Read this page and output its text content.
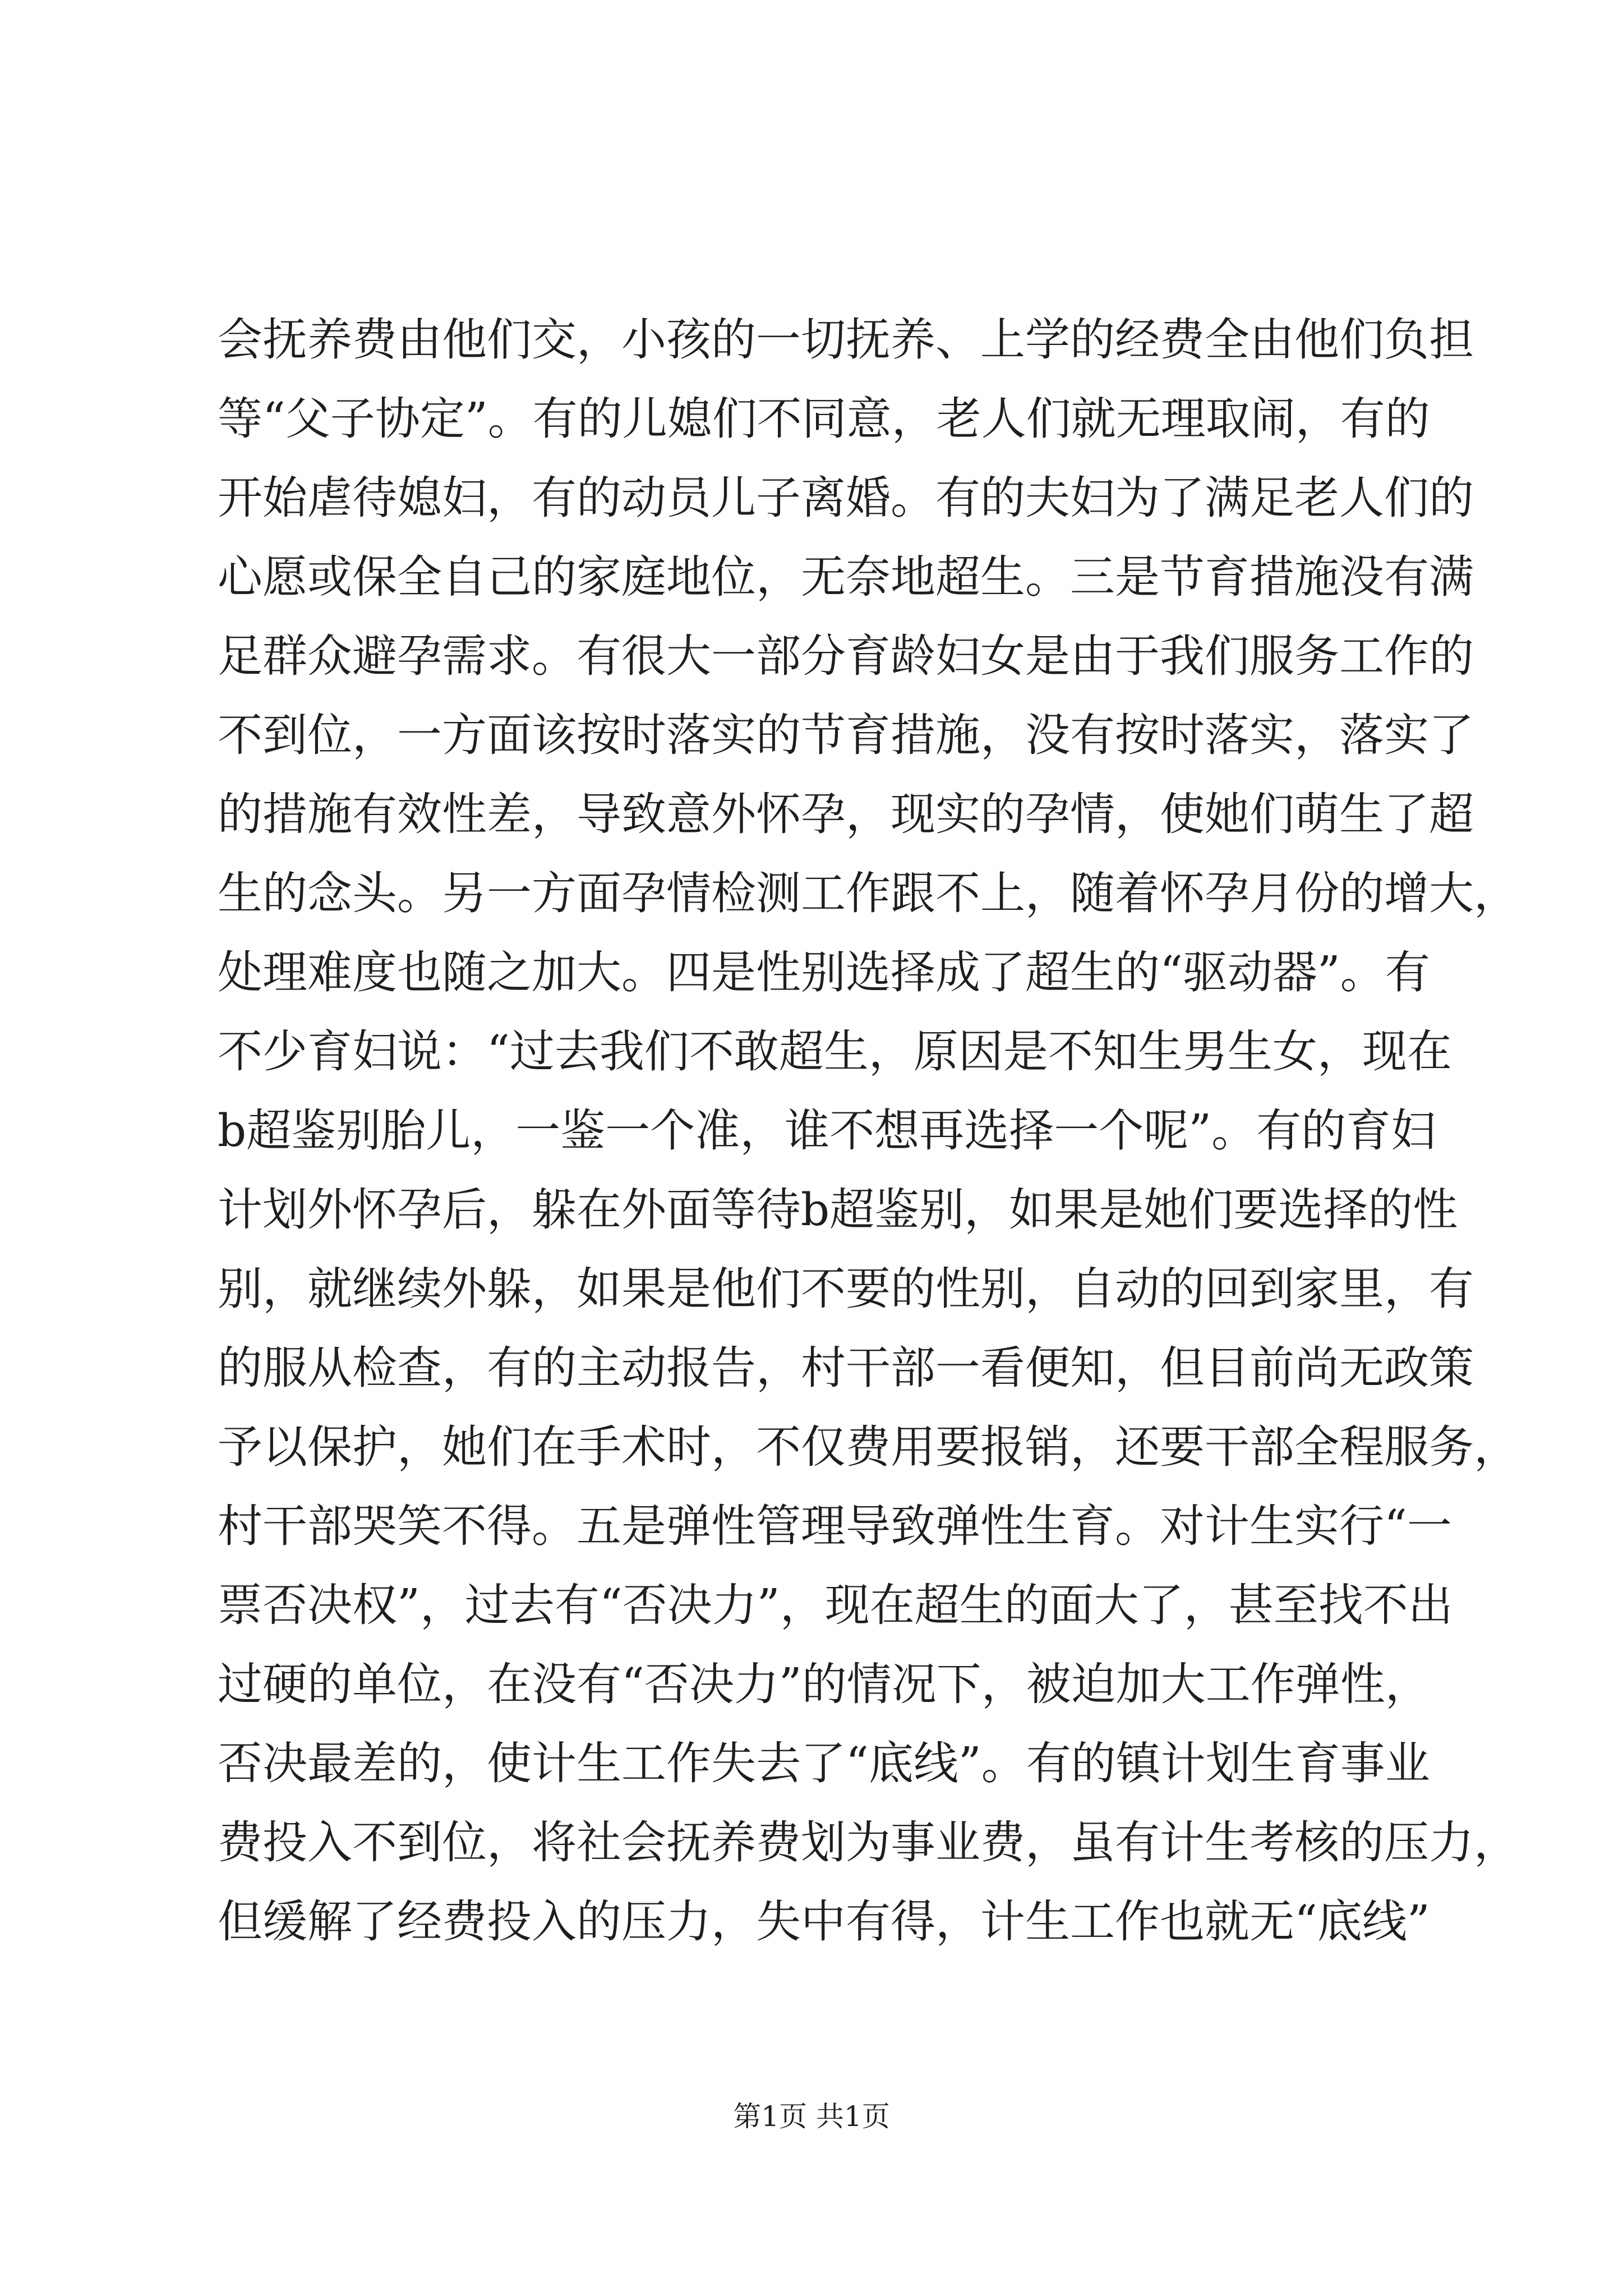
会抚养费由他们交，小孩的一切抚养、上学的经费全由他们负担
等“父子协定”。有的儿媳们不同意，老人们就无理取闹，有的
开始虐待媳妇，有的动员儿子离婚。有的夫妇为了满足老人们的
心愿或保全自己的家庭地位，无奈地超生。三是节育措施没有满
足群众避孕需求。有很大一部分育龄妇女是由于我们服务工作的
不到位，一方面该按时落实的节育措施，没有按时落实，落实了
的措施有效性差，导致意外怀孕，现实的孕情，使她们萌生了超
生的念头。另一方面孕情检测工作跟不上，随着怀孕月份的增大，
处理难度也随之加大。四是性别选择成了超生的“驱动器”。有
不少育妇说：“过去我们不敢超生，原因是不知生男生女，现在
b超鉴别胎儿，一鉴一个准，谁不想再选择一个呢”。有的育妇
计划外怀孕后，躲在外面等待b超鉴别，如果是她们要选择的性
别，就继续外躲，如果是他们不要的性别，自动的回到家里，有
的服从检查，有的主动报告，村干部一看便知，但目前尚无政策
予以保护，她们在手术时，不仅费用要报销，还要干部全程服务，
村干部哭笑不得。五是弹性管理导致弹性生育。对计生实行“一
票否决权”，过去有“否决力”，现在超生的面大了，甚至找不出
过硬的单位，在没有“否决力”的情况下，被迫加大工作弹性，
否决最差的，使计生工作失去了“底线”。有的镇计划生育事业
费投入不到位，将社会抚养费划为事业费，虽有计生考核的压力，
但缓解了经费投入的压力，失中有得，计生工作也就无“底线”
第1页 共1页
